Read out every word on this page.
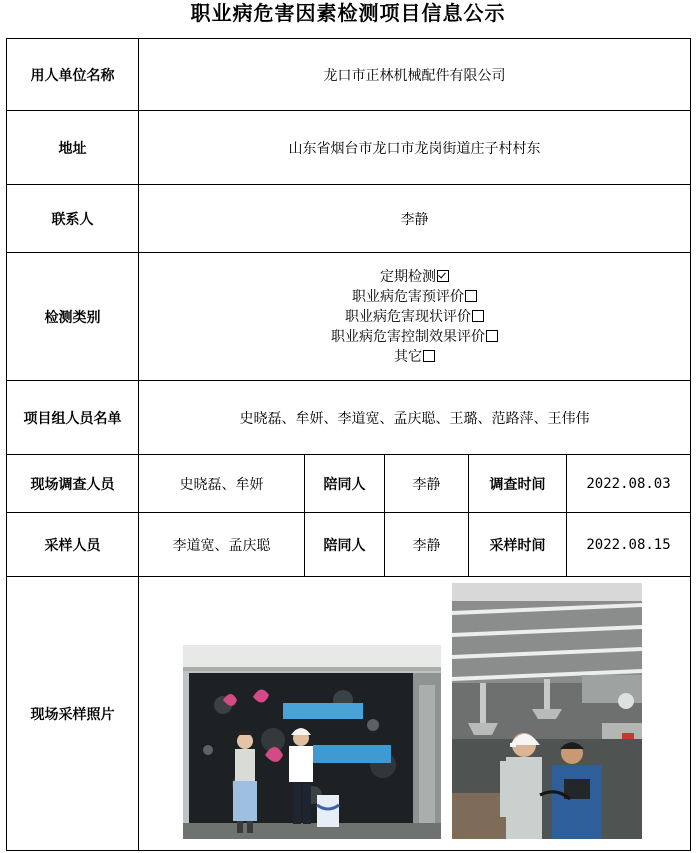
职业病危害因素检测项目信息公示
用人单位名称	龙口市正林机械配件有限公司				
地址	山东省烟台市龙口市龙岗街道庄子村村东				
联系人	李静				
检测类别	定期检测
职业病危害预评价
职业病危害现状评价
职业病危害控制效果评价
其它				

项目组人员名单	史晓磊、牟妍、李道宽、孟庆聪、王璐、范路萍、王伟伟				
现场调查人员	史晓磊、牟妍	陪同人	李静	调查时间	2022.08.03
采样人员	李道宽、孟庆聪	陪同人	李静	采样时间	2022.08.15
现场采样照片	
